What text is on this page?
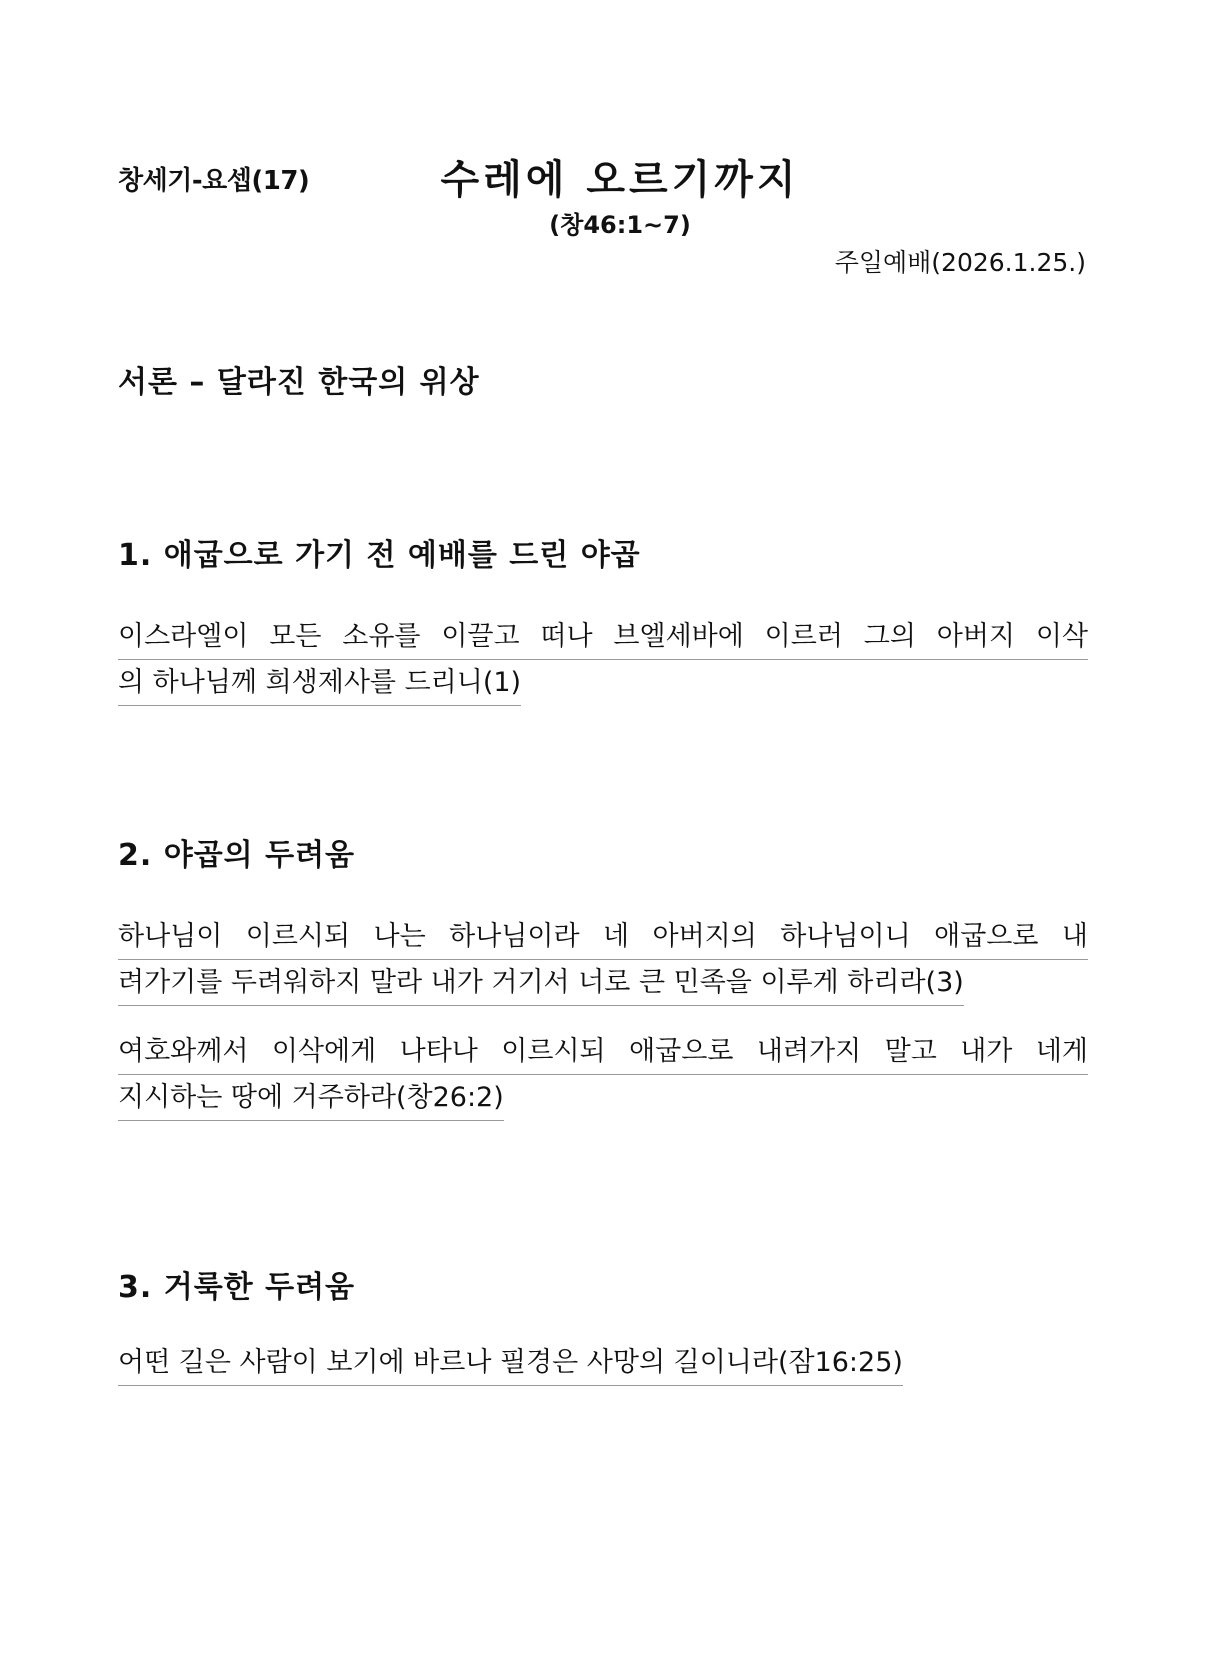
창세기-요셉(17)	수레에 오르기까지
(창46:1~7)
주일예배(2026.1.25.)
서론 – 달라진 한국의 위상
1. 애굽으로 가기 전 예배를 드린 야곱
이스라엘이 모든 소유를 이끌고 떠나 브엘세바에 이르러 그의 아버지 이삭
의 하나님께 희생제사를 드리니(1)
2. 야곱의 두려움
하나님이 이르시되 나는 하나님이라 네 아버지의 하나님이니 애굽으로 내
려가기를 두려워하지 말라 내가 거기서 너로 큰 민족을 이루게 하리라(3)
여호와께서 이삭에게 나타나 이르시되 애굽으로 내려가지 말고 내가 네게
지시하는 땅에 거주하라(창26:2)
3. 거룩한 두려움
어떤 길은 사람이 보기에 바르나 필경은 사망의 길이니라(잠16:25)
